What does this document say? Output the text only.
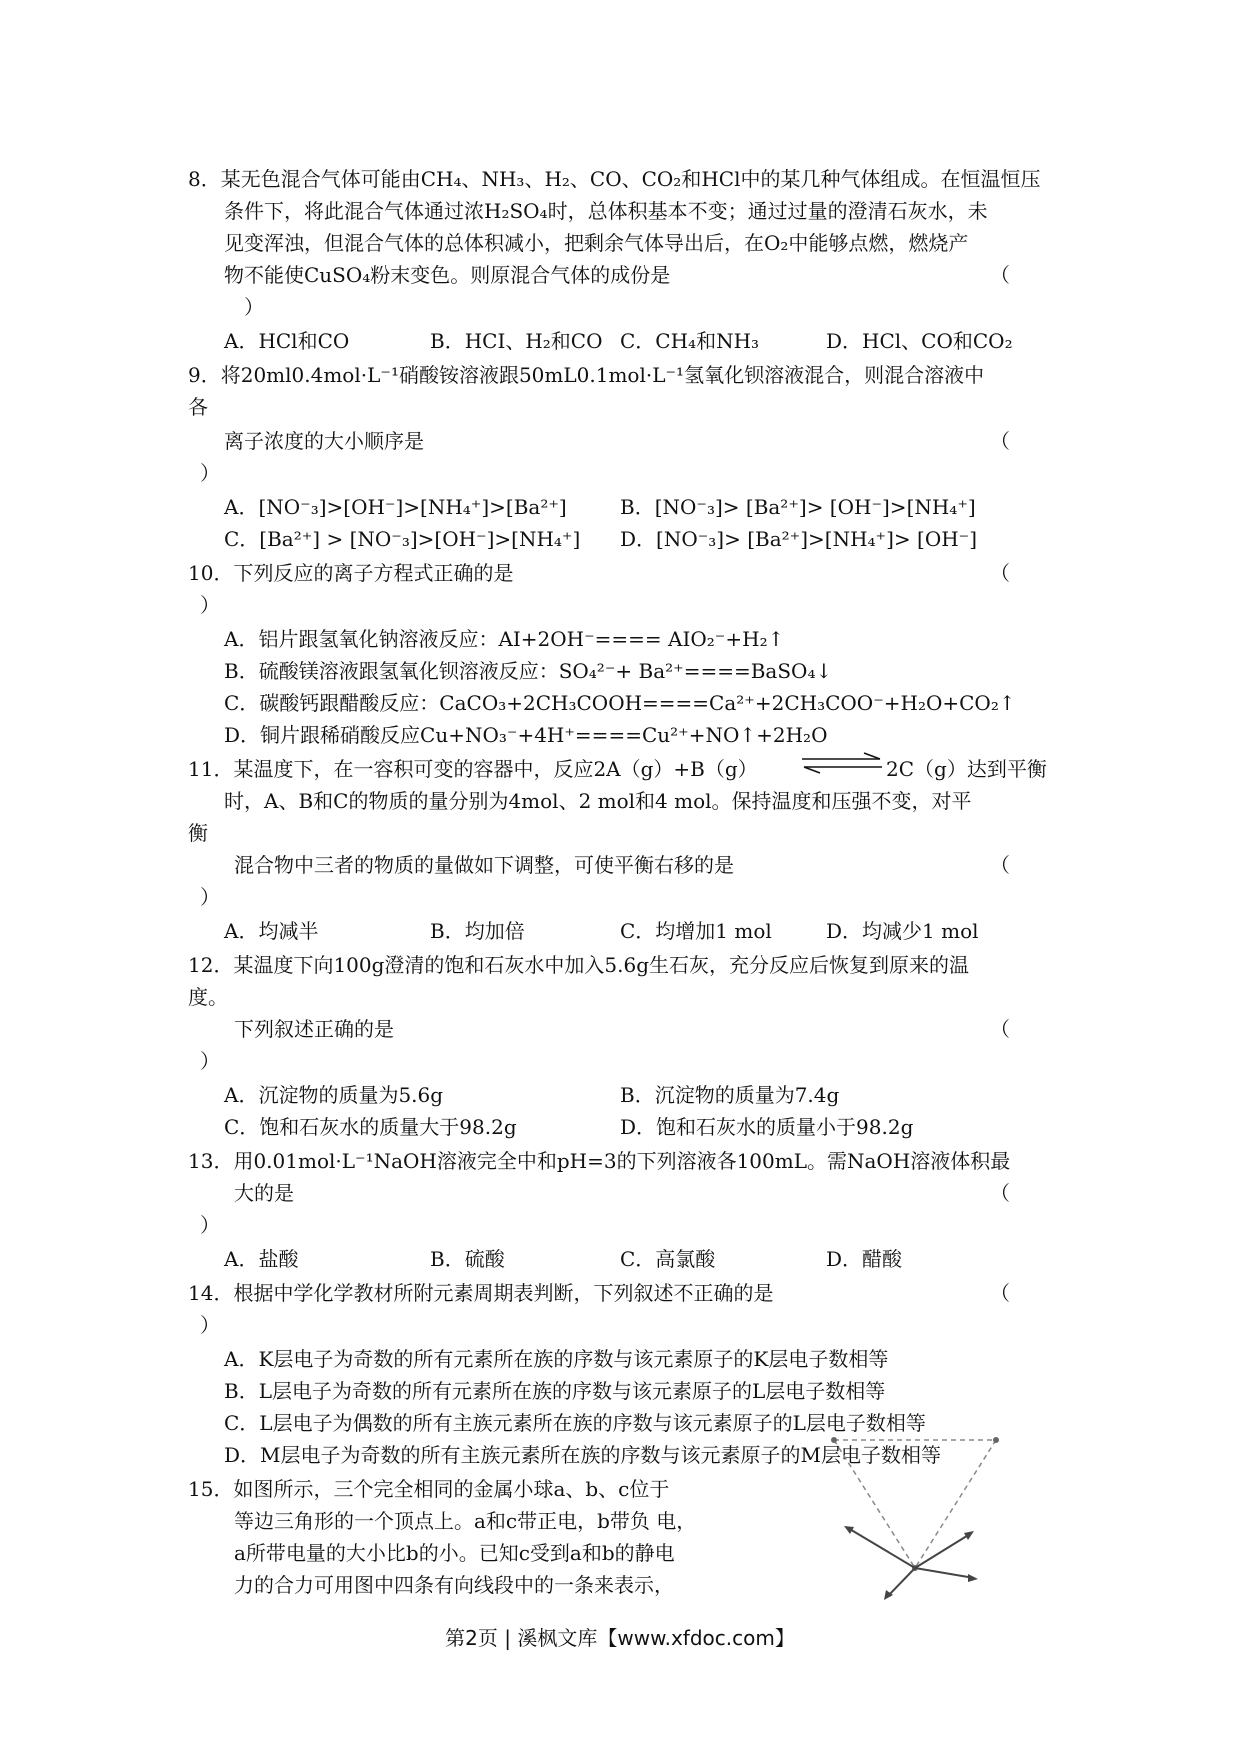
8．某无色混合气体可能由CH₄、NH₃、H₂、CO、CO₂和HCl中的某几种气体组成。在恒温恒压
条件下，将此混合气体通过浓H₂SO₄时，总体积基本不变；通过过量的澄清石灰水，未
见变浑浊，但混合气体的总体积减小，把剩余气体导出后，在O₂中能够点燃，燃烧产
物不能使CuSO₄粉末变色。则原混合气体的成份是	（
）
A．HCl和CO	B．HCI、H₂和CO C．CH₄和NH₃	D．HCl、CO和CO₂
9．将20ml0.4mol·L⁻¹硝酸铵溶液跟50mL0.1mol·L⁻¹氢氧化钡溶液混合，则混合溶液中
各
离子浓度的大小顺序是	（
）
A．[NO⁻₃]>[OH⁻]>[NH₄⁺]>[Ba²⁺]	B．[NO⁻₃]> [Ba²⁺]> [OH⁻]>[NH₄⁺]
C．[Ba²⁺] > [NO⁻₃]>[OH⁻]>[NH₄⁺] D．[NO⁻₃]> [Ba²⁺]>[NH₄⁺]> [OH⁻]
10．下列反应的离子方程式正确的是	（
）
A．铝片跟氢氧化钠溶液反应：AI+2OH⁻==== AIO₂⁻+H₂↑
B．硫酸镁溶液跟氢氧化钡溶液反应：SO₄²⁻+ Ba²⁺====BaSO₄↓
C．碳酸钙跟醋酸反应：CaCO₃+2CH₃COOH====Ca²⁺+2CH₃COO⁻+H₂O+CO₂↑
D．铜片跟稀硝酸反应Cu+NO₃⁻+4H⁺====Cu²⁺+NO↑+2H₂O
11．某温度下，在一容积可变的容器中，反应2A（g）+B（g）	2C（g）达到平衡
时，A、B和C的物质的量分别为4mol、2 mol和4 mol。保持温度和压强不变，对平
衡
混合物中三者的物质的量做如下调整，可使平衡右移的是	（
）
A．均减半	B．均加倍	C．均增加1 mol	D．均减少1 mol
12．某温度下向100g澄清的饱和石灰水中加入5.6g生石灰，充分反应后恢复到原来的温
度。
下列叙述正确的是	（
）
A．沉淀物的质量为5.6g	B．沉淀物的质量为7.4g
C．饱和石灰水的质量大于98.2g	D．饱和石灰水的质量小于98.2g
13．用0.01mol·L⁻¹NaOH溶液完全中和pH=3的下列溶液各100mL。需NaOH溶液体积最
大的是	（
）
A．盐酸	B．硫酸	C．高氯酸	D．醋酸
14．根据中学化学教材所附元素周期表判断，下列叙述不正确的是	（
）
A．K层电子为奇数的所有元素所在族的序数与该元素原子的K层电子数相等
B．L层电子为奇数的所有元素所在族的序数与该元素原子的L层电子数相等
C．L层电子为偶数的所有主族元素所在族的序数与该元素原子的L层电子数相等
D．M层电子为奇数的所有主族元素所在族的序数与该元素原子的M层电子数相等
15．如图所示，三个完全相同的金属小球a、b、c位于
等边三角形的一个顶点上。a和c带正电，b带负 电，
a所带电量的大小比b的小。已知c受到a和b的静电
力的合力可用图中四条有向线段中的一条来表示，
第2页 | 溪枫文库【www.xfdoc.com】
